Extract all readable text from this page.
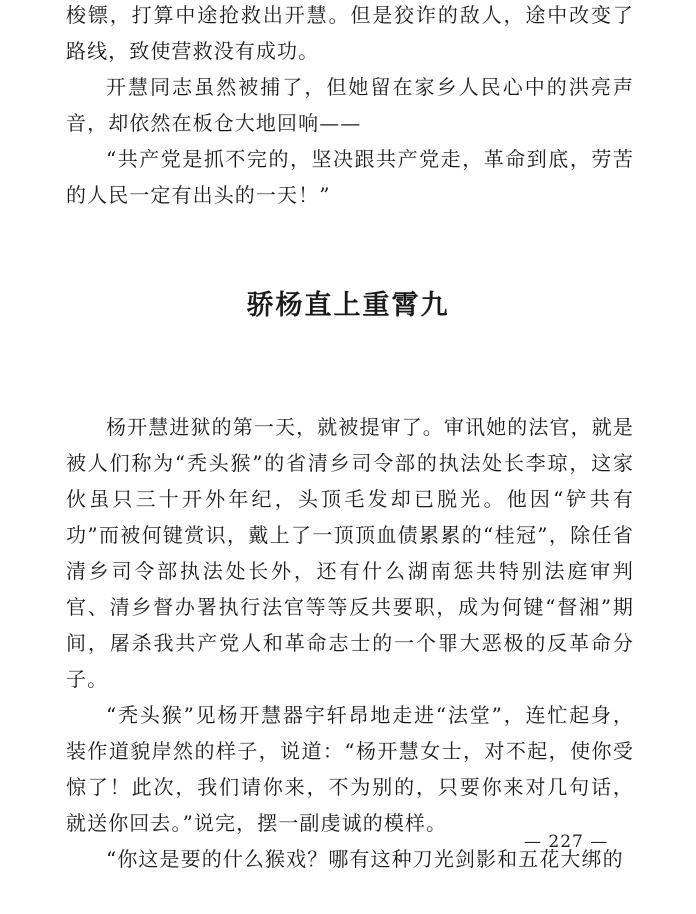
梭镖，打算中途抢救出开慧。但是狡诈的敌人，途中改变了路线，致使营救没有成功。

开慧同志虽然被捕了，但她留在家乡人民心中的洪亮声音，却依然在板仓大地回响——

“共产党是抓不完的，坚决跟共产党走，革命到底，劳苦的人民一定有出头的一天！”

骄杨直上重霄九

杨开慧进狱的第一天，就被提审了。审讯她的法官，就是被人们称为“秃头猴”的省清乡司令部的执法处长李琼，这家伙虽只三十开外年纪，头顶毛发却已脱光。他因“铲共有功”而被何键赏识，戴上了一顶顶血债累累的“桂冠”，除任省清乡司令部执法处长外，还有什么湖南惩共特别法庭审判官、清乡督办署执行法官等等反共要职，成为何键“督湘”期间，屠杀我共产党人和革命志士的一个罪大恶极的反革命分子。

“秃头猴”见杨开慧器宇轩昂地走进“法堂”，连忙起身，装作道貌岸然的样子，说道：“杨开慧女士，对不起，使你受惊了！此次，我们请你来，不为别的，只要你来对几句话，就送你回去。”说完，摆一副虔诚的模样。

“你这是要的什么猴戏？哪有这种刀光剑影和五花大绑的

— 227 —
